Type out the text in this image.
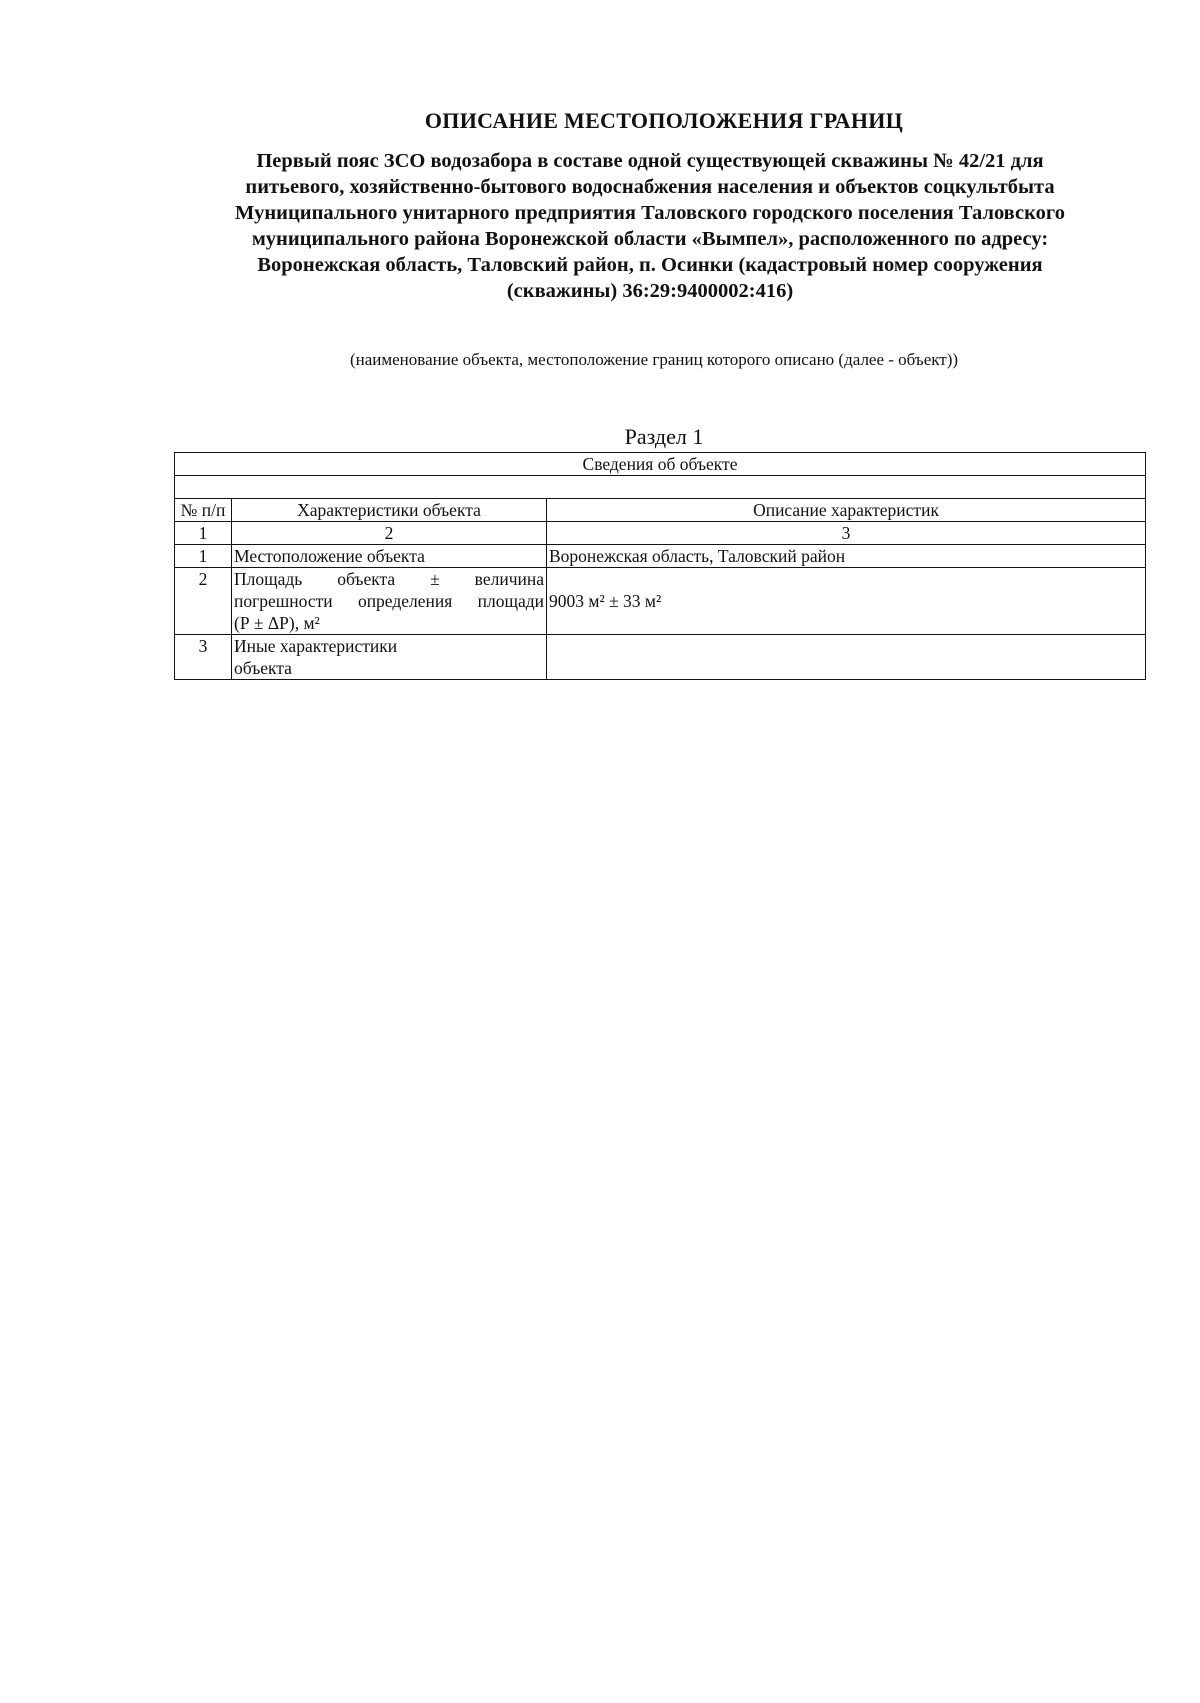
ОПИСАНИЕ МЕСТОПОЛОЖЕНИЯ ГРАНИЦ
Первый пояс ЗСО водозабора в составе одной существующей скважины № 42/21 для
питьевого, хозяйственно-бытового водоснабжения населения и объектов соцкультбыта
Муниципального унитарного предприятия Таловского городского поселения Таловского
муниципального района Воронежской области «Вымпел», расположенного по адресу:
Воронежская область, Таловский район, п. Осинки (кадастровый номер сооружения
(скважины) 36:29:9400002:416)
(наименование объекта, местоположение границ которого описано (далее - объект))
Раздел 1
Сведения об объекте		

№ п/п	Характеристики объекта	Описание характеристик
1	2	3
1	Местоположение объекта	Воронежская область, Таловский район
2	Площадь объекта ± величина
погрешности определения площади
(Р ± ΔР), м²	9003 м² ± 33 м²
3	Иные характеристики
объекта	
